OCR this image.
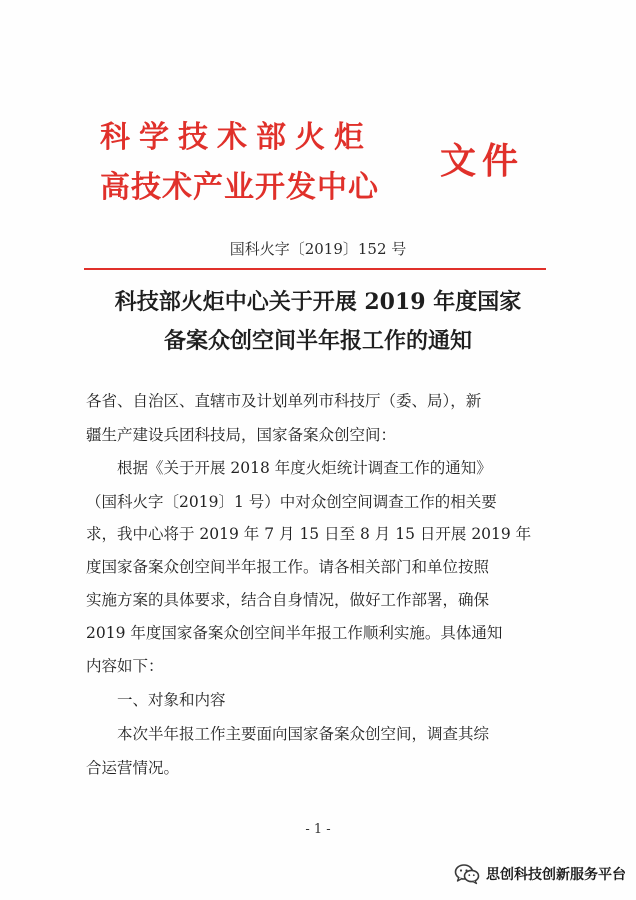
科学技术部火炬
高技术产业开发中心
文件
国科火字〔2019〕152 号
科技部火炬中心关于开展 2019 年度国家
备案众创空间半年报工作的通知
各省、自治区、直辖市及计划单列市科技厅（委、局），新
疆生产建设兵团科技局，国家备案众创空间：
根据《关于开展 2018 年度火炬统计调查工作的通知》
（国科火字〔2019〕1 号）中对众创空间调查工作的相关要
求，我中心将于 2019 年 7 月 15 日至 8 月 15 日开展 2019 年
度国家备案众创空间半年报工作。请各相关部门和单位按照
实施方案的具体要求，结合自身情况，做好工作部署，确保
2019 年度国家备案众创空间半年报工作顺利实施。具体通知
内容如下：
一、对象和内容
本次半年报工作主要面向国家备案众创空间，调查其综
合运营情况。
- 1 -
思创科技创新服务平台
